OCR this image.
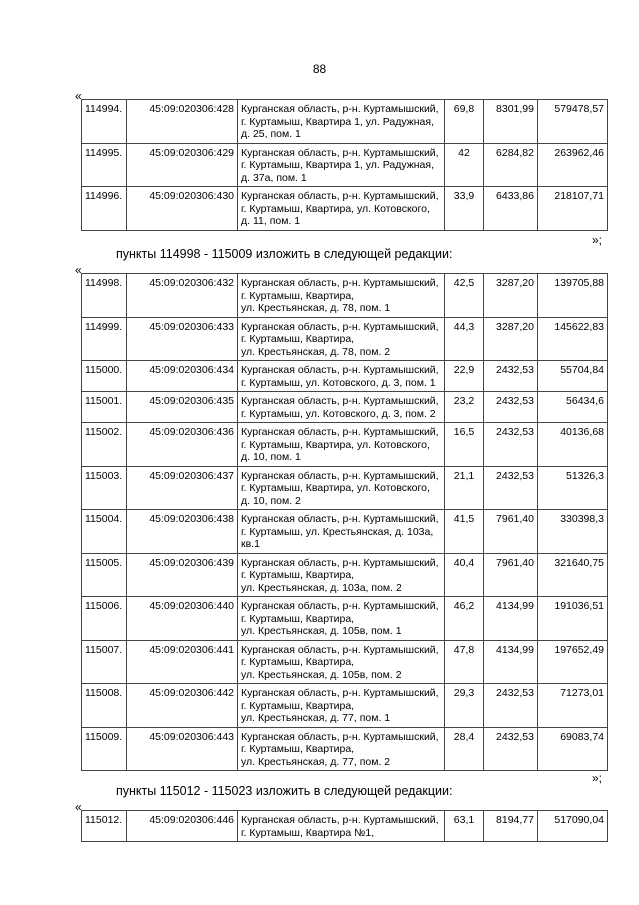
88
«
114994.	45:09:020306:428	Курганская область, р-н. Куртамышский,
г. Куртамыш, Квартира 1, ул. Радужная,
д. 25, пом. 1	69,8	8301,99	579478,57
114995.	45:09:020306:429	Курганская область, р-н. Куртамышский,
г. Куртамыш, Квартира 1, ул. Радужная,
д. 37а, пом. 1	42	6284,82	263962,46
114996.	45:09:020306:430	Курганская область, р-н. Куртамышский,
г. Куртамыш, Квартира, ул. Котовского,
д. 11, пом. 1	33,9	6433,86	218107,71
»;
пункты 114998 - 115009 изложить в следующей редакции:
«
114998.	45:09:020306:432	Курганская область, р-н. Куртамышский,
г. Куртамыш, Квартира,
ул. Крестьянская, д. 78, пом. 1	42,5	3287,20	139705,88
114999.	45:09:020306:433	Курганская область, р-н. Куртамышский,
г. Куртамыш, Квартира,
ул. Крестьянская, д. 78, пом. 2	44,3	3287,20	145622,83
115000.	45:09:020306:434	Курганская область, р-н. Куртамышский,
г. Куртамыш, ул. Котовского, д. 3, пом. 1	22,9	2432,53	55704,84
115001.	45:09:020306:435	Курганская область, р-н. Куртамышский,
г. Куртамыш, ул. Котовского, д. 3, пом. 2	23,2	2432,53	56434,6
115002.	45:09:020306:436	Курганская область, р-н. Куртамышский,
г. Куртамыш, Квартира, ул. Котовского,
д. 10, пом. 1	16,5	2432,53	40136,68
115003.	45:09:020306:437	Курганская область, р-н. Куртамышский,
г. Куртамыш, Квартира, ул. Котовского,
д. 10, пом. 2	21,1	2432,53	51326,3
115004.	45:09:020306:438	Курганская область, р-н. Куртамышский,
г. Куртамыш, ул. Крестьянская, д. 103а,
кв.1	41,5	7961,40	330398,3
115005.	45:09:020306:439	Курганская область, р-н. Куртамышский,
г. Куртамыш, Квартира,
ул. Крестьянская, д. 103а, пом. 2	40,4	7961,40	321640,75
115006.	45:09:020306:440	Курганская область, р-н. Куртамышский,
г. Куртамыш, Квартира,
ул. Крестьянская, д. 105в, пом. 1	46,2	4134,99	191036,51
115007.	45:09:020306:441	Курганская область, р-н. Куртамышский,
г. Куртамыш, Квартира,
ул. Крестьянская, д. 105в, пом. 2	47,8	4134,99	197652,49
115008.	45:09:020306:442	Курганская область, р-н. Куртамышский,
г. Куртамыш, Квартира,
ул. Крестьянская, д. 77, пом. 1	29,3	2432,53	71273,01
115009.	45:09:020306:443	Курганская область, р-н. Куртамышский,
г. Куртамыш, Квартира,
ул. Крестьянская, д. 77, пом. 2	28,4	2432,53	69083,74
»;
пункты 115012 - 115023 изложить в следующей редакции:
«
115012.	45:09:020306:446	Курганская область, р-н. Куртамышский,
г. Куртамыш, Квартира №1,
	63,1	8194,77	517090,04
